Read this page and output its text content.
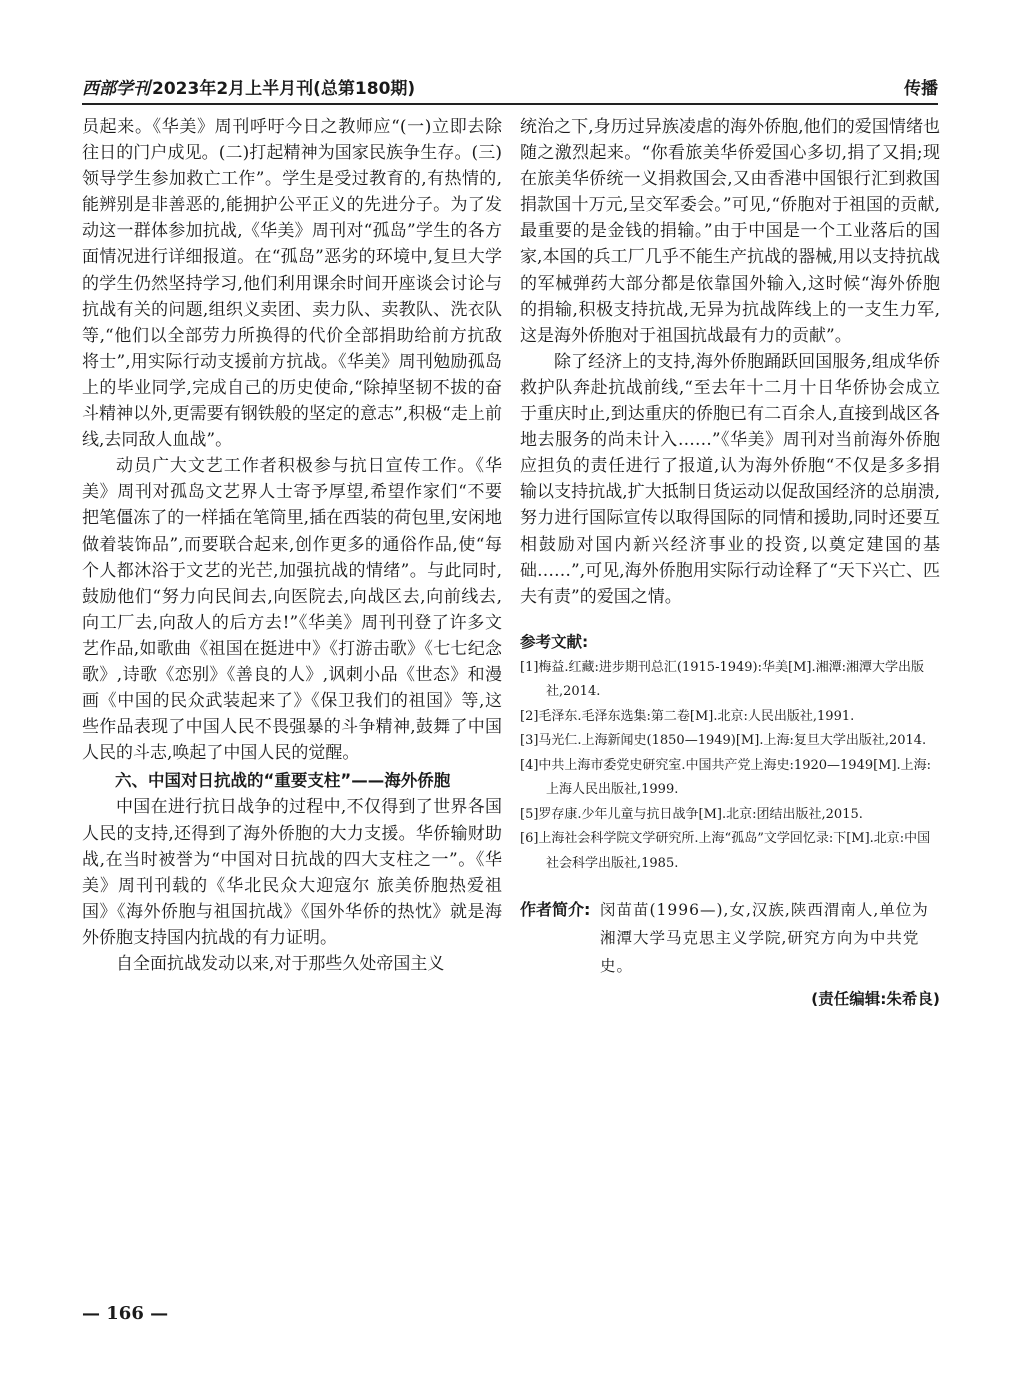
西部学刊 2023年2月上半月刊(总第180期)	传播

员起来。《华美》周刊呼吁今日之教师应“(一)立即去除往日的门户成见。(二)打起精神为国家民族争生存。(三)领导学生参加救亡工作”。学生是受过教育的,有热情的,能辨别是非善恶的,能拥护公平正义的先进分子。为了发动这一群体参加抗战,《华美》周刊对“孤岛”学生的各方面情况进行详细报道。在“孤岛”恶劣的环境中,复旦大学的学生仍然坚持学习,他们利用课余时间开座谈会讨论与抗战有关的问题,组织义卖团、卖力队、卖教队、洗衣队等,“他们以全部劳力所换得的代价全部捐助给前方抗敌将士”,用实际行动支援前方抗战。《华美》周刊勉励孤岛上的毕业同学,完成自己的历史使命,“除掉坚韧不拔的奋斗精神以外,更需要有钢铁般的坚定的意志”,积极“走上前线,去同敌人血战”。

动员广大文艺工作者积极参与抗日宣传工作。《华美》周刊对孤岛文艺界人士寄予厚望,希望作家们“不要把笔僵冻了的一样插在笔筒里,插在西装的荷包里,安闲地做着装饰品”,而要联合起来,创作更多的通俗作品,使“每个人都沐浴于文艺的光芒,加强抗战的情绪”。与此同时,鼓励他们“努力向民间去,向医院去,向战区去,向前线去,向工厂去,向敌人的后方去!”《华美》周刊刊登了许多文艺作品,如歌曲《祖国在挺进中》《打游击歌》《七七纪念歌》,诗歌《恋别》《善良的人》,讽刺小品《世态》和漫画《中国的民众武装起来了》《保卫我们的祖国》等,这些作品表现了中国人民不畏强暴的斗争精神,鼓舞了中国人民的斗志,唤起了中国人民的觉醒。

六、中国对日抗战的“重要支柱”——海外侨胞

中国在进行抗日战争的过程中,不仅得到了世界各国人民的支持,还得到了海外侨胞的大力支援。华侨输财助战,在当时被誉为“中国对日抗战的四大支柱之一”。《华美》周刊刊载的《华北民众大迎寇尔 旅美侨胞热爱祖国》《海外侨胞与祖国抗战》《国外华侨的热忱》就是海外侨胞支持国内抗战的有力证明。

自全面抗战发动以来,对于那些久处帝国主义

统治之下,身历过异族凌虐的海外侨胞,他们的爱国情绪也随之激烈起来。“你看旅美华侨爱国心多切,捐了又捐;现在旅美华侨统一义捐救国会,又由香港中国银行汇到救国捐款国十万元,呈交军委会。”可见,“侨胞对于祖国的贡献,最重要的是金钱的捐输。”由于中国是一个工业落后的国家,本国的兵工厂几乎不能生产抗战的器械,用以支持抗战的军械弹药大部分都是依靠国外输入,这时候“海外侨胞的捐输,积极支持抗战,无异为抗战阵线上的一支生力军,这是海外侨胞对于祖国抗战最有力的贡献”。

除了经济上的支持,海外侨胞踊跃回国服务,组成华侨救护队奔赴抗战前线,“至去年十二月十日华侨协会成立于重庆时止,到达重庆的侨胞已有二百余人,直接到战区各地去服务的尚未计入……”《华美》周刊对当前海外侨胞应担负的责任进行了报道,认为海外侨胞“不仅是多多捐输以支持抗战,扩大抵制日货运动以促敌国经济的总崩溃,努力进行国际宣传以取得国际的同情和援助,同时还要互相鼓励对国内新兴经济事业的投资,以奠定建国的基础……”,可见,海外侨胞用实际行动诠释了“天下兴亡、匹夫有责”的爱国之情。

参考文献:
[1]梅益.红藏:进步期刊总汇(1915-1949):华美[M].湘潭:湘潭大学出版社,2014.
[2]毛泽东.毛泽东选集:第二卷[M].北京:人民出版社,1991.
[3]马光仁.上海新闻史(1850—1949)[M].上海:复旦大学出版社,2014.
[4]中共上海市委党史研究室.中国共产党上海史:1920—1949[M].上海:上海人民出版社,1999.
[5]罗存康.少年儿童与抗日战争[M].北京:团结出版社,2015.
[6]上海社会科学院文学研究所.上海“孤岛”文学回忆录:下[M].北京:中国社会科学出版社,1985.
作者简介: 闵苗苗(1996—),女,汉族,陕西渭南人,单位为湘潭大学马克思主义学院,研究方向为中共党史。
(责任编辑:朱希良)
— 166 —
